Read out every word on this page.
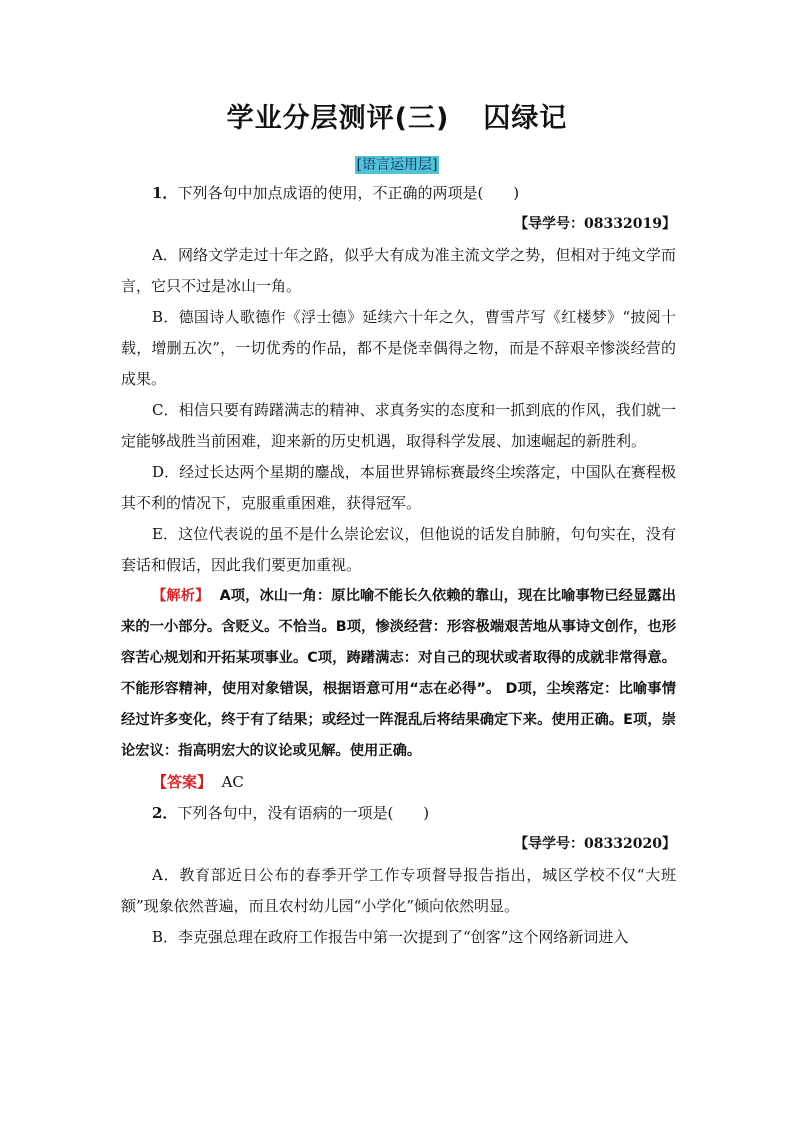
学业分层测评(三) 囚绿记
[语言运用层]

1．下列各句中加点成语的使用，不正确的两项是(　　)

【导学号：08332019】

A．网络文学走过十年之路，似乎大有成为准主流文学之势，但相对于纯文学而言，它只不过是冰山一角。

B．德国诗人歌德作《浮士德》延续六十年之久，曹雪芹写《红楼梦》“披阅十载，增删五次”，一切优秀的作品，都不是侥幸偶得之物，而是不辞艰辛惨淡经营的成果。

C．相信只要有踌躇满志的精神、求真务实的态度和一抓到底的作风，我们就一定能够战胜当前困难，迎来新的历史机遇，取得科学发展、加速崛起的新胜利。

D．经过长达两个星期的鏖战，本届世界锦标赛最终尘埃落定，中国队在赛程极其不利的情况下，克服重重困难，获得冠军。

E．这位代表说的虽不是什么崇论宏议，但他说的话发自肺腑，句句实在，没有套话和假话，因此我们要更加重视。

【解析】 A项，冰山一角：原比喻不能长久依赖的靠山，现在比喻事物已经显露出来的一小部分。含贬义。不恰当。B项，惨淡经营：形容极端艰苦地从事诗文创作，也形容苦心规划和开拓某项事业。C项，踌躇满志：对自己的现状或者取得的成就非常得意。不能形容精神，使用对象错误，根据语意可用“志在必得”。 D项，尘埃落定：比喻事情经过许多变化，终于有了结果；或经过一阵混乱后将结果确定下来。使用正确。E项，崇论宏议：指高明宏大的议论或见解。使用正确。

【答案】 AC

2．下列各句中，没有语病的一项是(　　)

【导学号：08332020】

A．教育部近日公布的春季开学工作专项督导报告指出，城区学校不仅“大班额”现象依然普遍，而且农村幼儿园“小学化”倾向依然明显。

B．李克强总理在政府工作报告中第一次提到了“创客”这个网络新词进入
